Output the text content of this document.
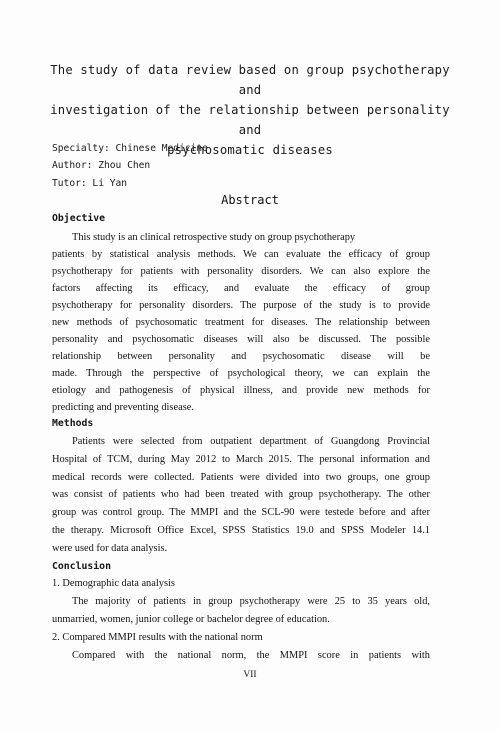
The study of data review based on group psychotherapy and
investigation of the relationship between personality and
psychosomatic diseases
Specialty: Chinese Medicine
Author: Zhou Chen
Tutor: Li Yan
Abstract
Objective
This study is an clinical retrospective study on group psychotherapy
patients by statistical analysis methods. We can evaluate the efficacy of group
psychotherapy for patients with personality disorders. We can also explore the
factors affecting its efficacy, and evaluate the efficacy of group
psychotherapy for personality disorders. The purpose of the study is to provide
new methods of psychosomatic treatment for diseases. The relationship between
personality and psychosomatic diseases will also be discussed. The possible
relationship between personality and psychosomatic disease will be
made. Through the perspective of psychological theory, we can explain the
etiology and pathogenesis of physical illness, and provide new methods for
predicting and preventing disease.
Methods
Patients were selected from outpatient department of Guangdong Provincial
Hospital of TCM, during May 2012 to March 2015. The personal information and
medical records were collected. Patients were divided into two groups, one group
was consist of patients who had been treated with group psychotherapy. The other
group was control group. The MMPI and the SCL-90 were testede before and after
the therapy. Microsoft Office Excel, SPSS Statistics 19.0 and SPSS Modeler 14.1
were used for data analysis.
Conclusion
1. Demographic data analysis
The majority of patients in group psychotherapy were 25 to 35 years old,
unmarried, women, junior college or bachelor degree of education.
2. Compared MMPI results with the national norm
Compared with the national norm, the MMPI score in patients with
VII
